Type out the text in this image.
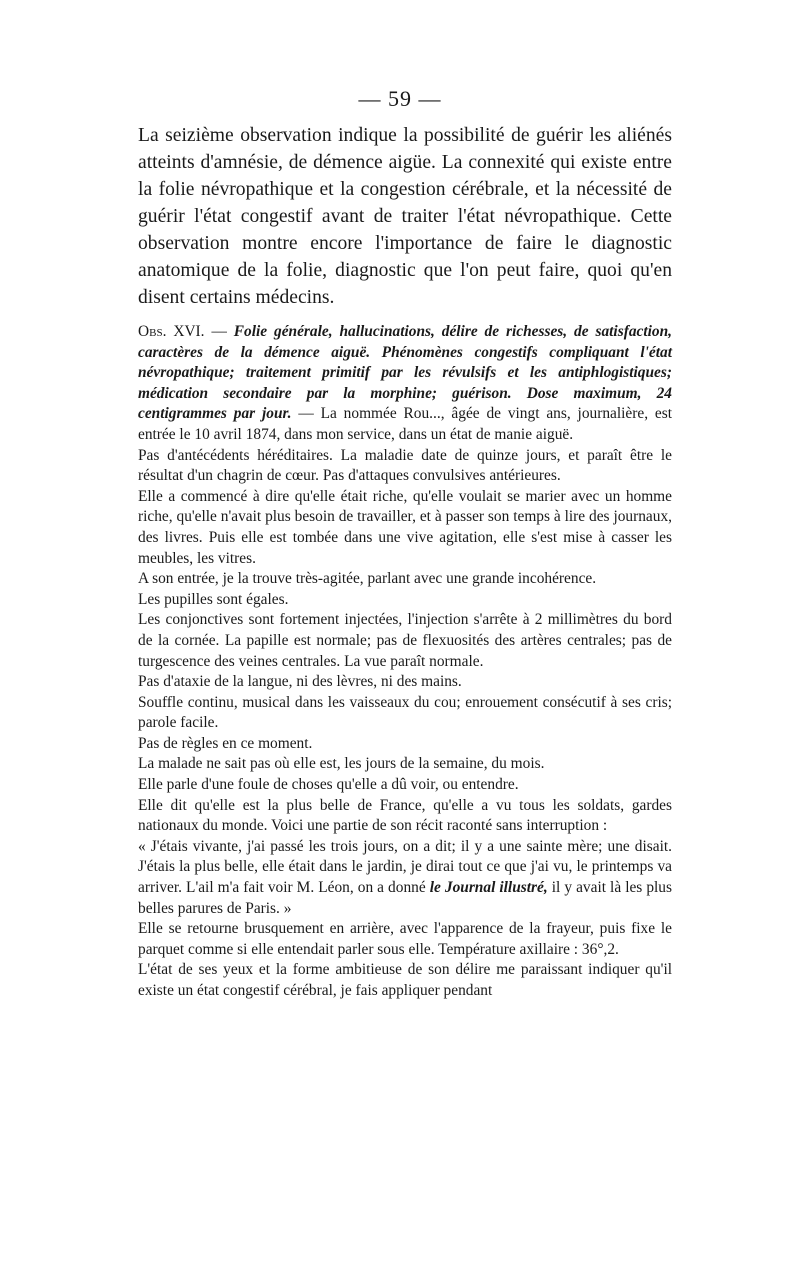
— 59 —

La seizième observation indique la possibilité de guérir les aliénés atteints d'amnésie, de démence aigüe. La connexité qui existe entre la folie névropathique et la congestion cérébrale, et la nécessité de guérir l'état congestif avant de traiter l'état névropathique. Cette observation montre encore l'importance de faire le diagnostic anatomique de la folie, diagnostic que l'on peut faire, quoi qu'en disent certains médecins.

Obs. XVI. — Folie générale, hallucinations, délire de richesses, de satisfaction, caractères de la démence aiguë. Phénomènes congestifs compliquant l'état névropathique; traitement primitif par les révulsifs et les antiphlogistiques; médication secondaire par la morphine; guérison. Dose maximum, 24 centigrammes par jour. — La nommée Rou..., âgée de vingt ans, journalière, est entrée le 10 avril 1874, dans mon service, dans un état de manie aiguë.

Pas d'antécédents héréditaires. La maladie date de quinze jours, et paraît être le résultat d'un chagrin de cœur. Pas d'attaques convulsives antérieures.

Elle a commencé à dire qu'elle était riche, qu'elle voulait se marier avec un homme riche, qu'elle n'avait plus besoin de travailler, et à passer son temps à lire des journaux, des livres. Puis elle est tombée dans une vive agitation, elle s'est mise à casser les meubles, les vitres.

A son entrée, je la trouve très-agitée, parlant avec une grande incohérence.

Les pupilles sont égales.

Les conjonctives sont fortement injectées, l'injection s'arrête à 2 millimètres du bord de la cornée. La papille est normale; pas de flexuosités des artères centrales; pas de turgescence des veines centrales. La vue paraît normale.

Pas d'ataxie de la langue, ni des lèvres, ni des mains.

Souffle continu, musical dans les vaisseaux du cou; enrouement consécutif à ses cris; parole facile.

Pas de règles en ce moment.

La malade ne sait pas où elle est, les jours de la semaine, du mois.

Elle parle d'une foule de choses qu'elle a dû voir, ou entendre.

Elle dit qu'elle est la plus belle de France, qu'elle a vu tous les soldats, gardes nationaux du monde. Voici une partie de son récit raconté sans interruption :

« J'étais vivante, j'ai passé les trois jours, on a dit; il y a une sainte mère; une disait. J'étais la plus belle, elle était dans le jardin, je dirai tout ce que j'ai vu, le printemps va arriver. L'ail m'a fait voir M. Léon, on a donné le Journal illustré, il y avait là les plus belles parures de Paris. »

Elle se retourne brusquement en arrière, avec l'apparence de la frayeur, puis fixe le parquet comme si elle entendait parler sous elle. Température axillaire : 36°,2.

L'état de ses yeux et la forme ambitieuse de son délire me paraissant indiquer qu'il existe un état congestif cérébral, je fais appliquer pendant
